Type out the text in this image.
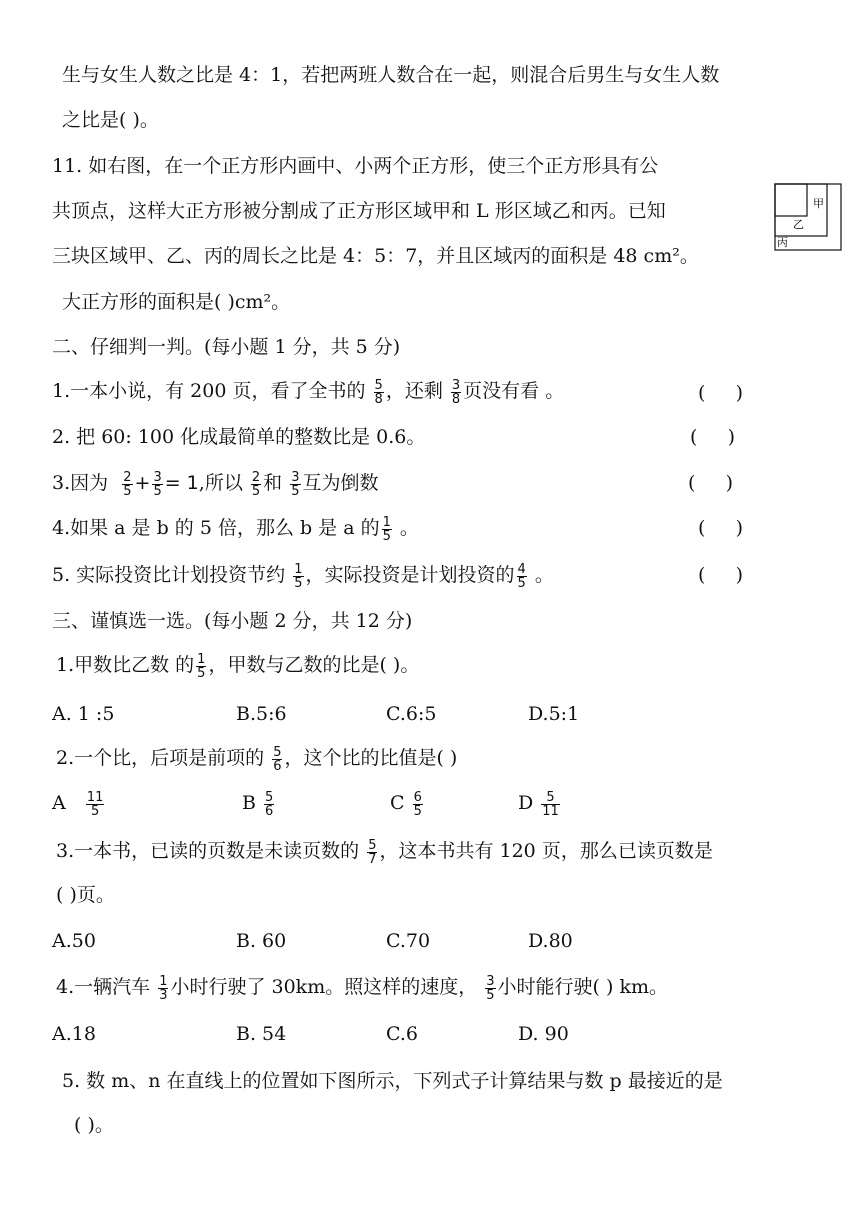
生与女生人数之比是 4：1，若把两班人数合在一起，则混合后男生与女生人数
之比是( )。
11. 如右图，在一个正方形内画中、小两个正方形，使三个正方形具有公
共顶点，这样大正方形被分割成了正方形区域甲和 L 形区域乙和丙。已知
三块区域甲、乙、丙的周长之比是 4：5：7，并且区域丙的面积是 48 cm²。
大正方形的面积是( )cm²。
甲
乙
丙
二、仔细判一判。(每小题 1 分，共 5 分)
1.一本小说，有 200 页，看了全书的 $\frac{5}{8}$ ，还剩 $\frac{3}{8}$ 页没有看 。	(     )
2. 把 60: 100 化成最简单的整数比是 0.6。	(     )
3.因为 $\frac{2}{5} + \frac{3}{5} = 1$,所以 $\frac{2}{5}$ 和 $\frac{3}{5}$ 互为倒数	(     )
4.如果 a 是 b 的 5 倍，那么 b 是 a 的 $\frac{1}{5}$ 。	(     )
5. 实际投资比计划投资节约 $\frac{1}{5}$ ，实际投资是计划投资的 $\frac{4}{5}$ 。	(     )
三、谨慎选一选。(每小题 2 分，共 12 分)
1.甲数比乙数 的 $\frac{1}{5}$ ，甲数与乙数的比是( )。
A. 1 :5	B.5:6	C.6:5	D.5:1
2.一个比，后项是前项的 $\frac{5}{6}$ ，这个比的比值是( )
A $\frac{11}{5}$	B $\frac{5}{6}$	C $\frac{6}{5}$	D $\frac{5}{11}$
3.一本书，已读的页数是未读页数的 $\frac{5}{7}$ ，这本书共有 120 页，那么已读页数是
( )页。
A.50	B. 60	C.70	D.80
4.一辆汽车 $\frac{1}{3}$ 小时行驶了 30km。照这样的速度， $\frac{3}{5}$ 小时能行驶( ) km。
A.18	B. 54	C.6	D. 90
5. 数 m、n 在直线上的位置如下图所示，下列式子计算结果与数 p 最接近的是
( )。
